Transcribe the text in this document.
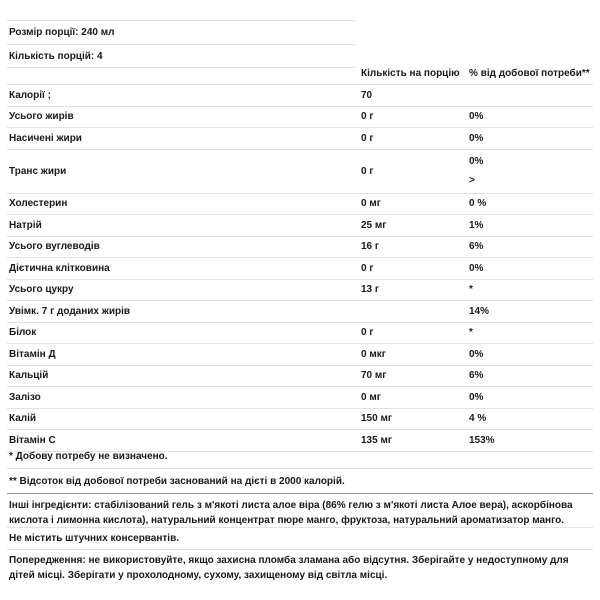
Розмір порції: 240 мл
Кількість порцій: 4
	Кількість на порцію	% від добової потреби**
Калорії ;	70	
Усього жирів	0 г	0%
Насичені жири	0 г	0%
Транс жири	0 г	0%
>

Холестерин	0 мг	0 %
Натрій	25 мг	1%
Усього вуглеводів	16 г	6%
Дієтична клітковина	0 г	0%
Усього цукру	13 г	*
Увімк. 7 г доданих жирів		14%
Білок	0 г	*
Вітамін Д	0 мкг	0%
Кальцій	70 мг	6%
Залізо	0 мг	0%
Калій	150 мг	4 %
Вітамін С	135 мг	153%
* Добову потребу не визначено.
** Відсоток від добової потреби заснований на дієті в 2000 калорій.
Інші інгредієнти: стабілізований гель з м'якоті листа алое віра (86% гелю з м'якоті листа Алое вера), аскорбінова кислота і лимонна кислота), натуральний концентрат пюре манго, фруктоза, натуральний ароматизатор манго.
Не містить штучних консервантів.
Попередження: не використовуйте, якщо захисна пломба зламана або відсутня. Зберігайте у недоступному для дітей місці. Зберігати у прохолодному, сухому, захищеному від світла місці.
